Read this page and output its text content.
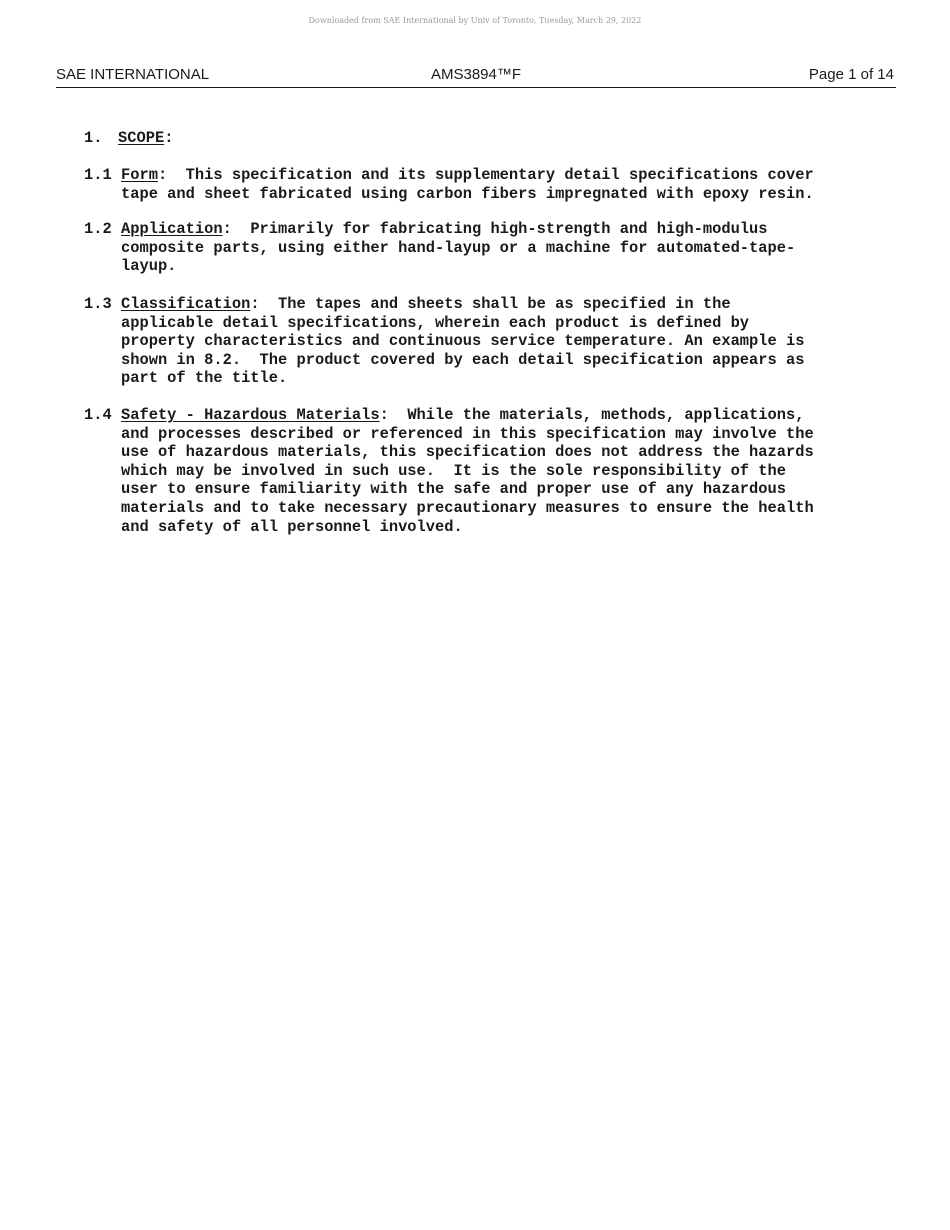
Downloaded from SAE International by Univ of Toronto, Tuesday, March 29, 2022
SAE INTERNATIONAL	AMS3894™F	Page 1 of 14
1. SCOPE:
1.1 Form:  This specification and its supplementary detail specifications cover
tape and sheet fabricated using carbon fibers impregnated with epoxy resin.
1.2 Application:  Primarily for fabricating high-strength and high-modulus
composite parts, using either hand-layup or a machine for automated-tape-
layup.
1.3 Classification:  The tapes and sheets shall be as specified in the
applicable detail specifications, wherein each product is defined by
property characteristics and continuous service temperature. An example is
shown in 8.2.  The product covered by each detail specification appears as
part of the title.
1.4 Safety - Hazardous Materials:  While the materials, methods, applications,
and processes described or referenced in this specification may involve the
use of hazardous materials, this specification does not address the hazards
which may be involved in such use.  It is the sole responsibility of the
user to ensure familiarity with the safe and proper use of any hazardous
materials and to take necessary precautionary measures to ensure the health
and safety of all personnel involved.
